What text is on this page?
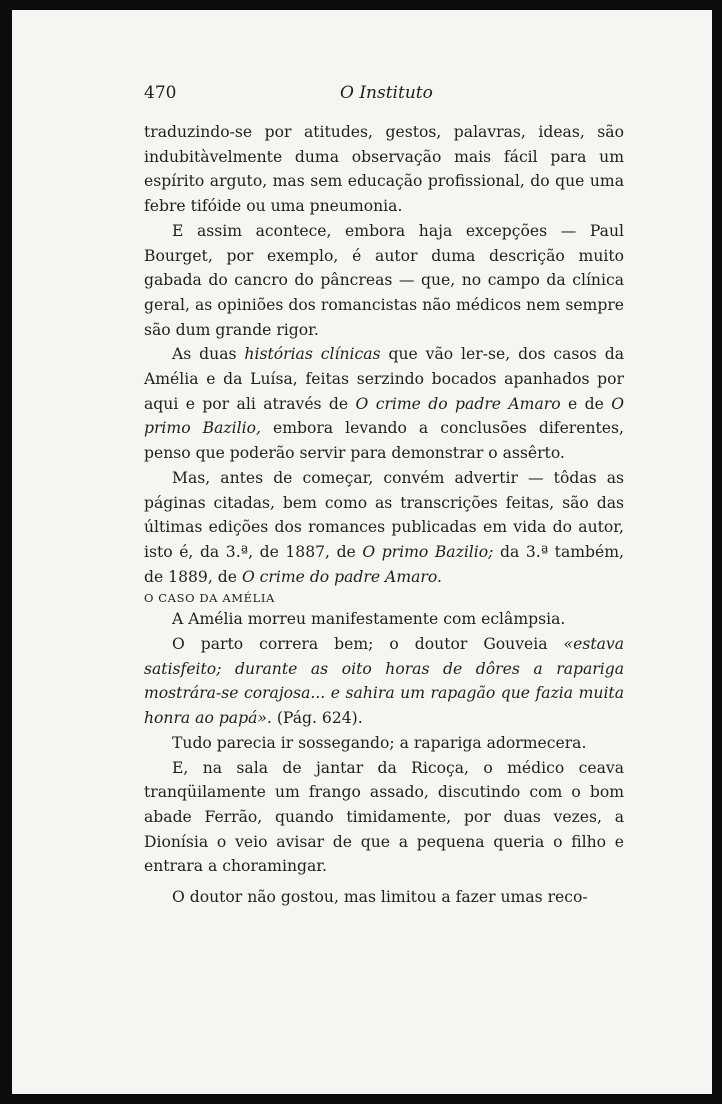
470	O Instituto

traduzindo-se por atitudes, gestos, palavras, ideas, são indubitàvelmente duma observação mais fácil para um espírito arguto, mas sem educação profissional, do que uma febre tifóide ou uma pneumonia.

E assim acontece, embora haja excepções — Paul Bourget, por exemplo, é autor duma descrição muito gabada do cancro do pâncreas — que, no campo da clínica geral, as opiniões dos romancistas não médicos nem sempre são dum grande rigor.

As duas histórias clínicas que vão ler-se, dos casos da Amélia e da Luísa, feitas serzindo bocados apanhados por aqui e por ali através de O crime do padre Amaro e de O primo Bazilio, embora levando a conclusões diferentes, penso que poderão servir para demonstrar o assêrto.

Mas, antes de começar, convém advertir — tôdas as páginas citadas, bem como as transcrições feitas, são das últimas edições dos romances publicadas em vida do autor, isto é, da 3.ª, de 1887, de O primo Bazilio; da 3.ª também, de 1889, de O crime do padre Amaro.

O CASO DA AMÉLIA

A Amélia morreu manifestamente com eclâmpsia.

O parto correra bem; o doutor Gouveia «estava satisfeito; durante as oito horas de dôres a rapariga mostrára-se corajosa... e sahira um rapagão que fazia muita honra ao papá». (Pág. 624).

Tudo parecia ir sossegando; a rapariga adormecera.

E, na sala de jantar da Ricoça, o médico ceava tranqüilamente um frango assado, discutindo com o bom abade Ferrão, quando timidamente, por duas vezes, a Dionísia o veio avisar de que a pequena queria o filho e entrara a choramingar.

O doutor não gostou, mas limitou a fazer umas reco-
